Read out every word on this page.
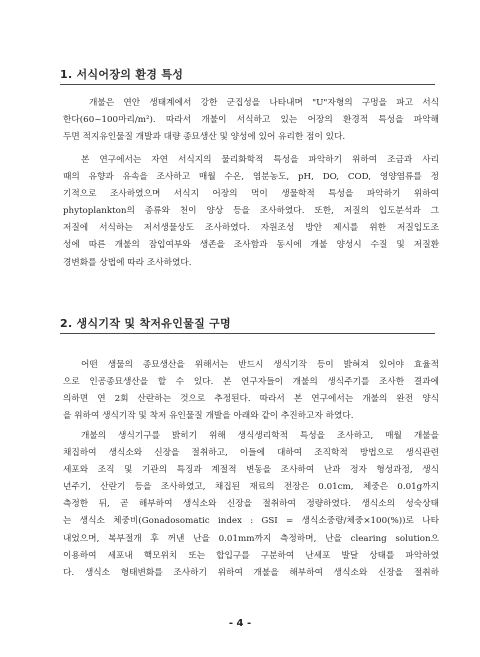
1. 서식어장의 환경 특성
개불은 연안 생태계에서 강한 군집성을 나타내며 "U"자형의 구멍을 파고 서식
한다(60~100마리/m²). 따라서 개불이 서식하고 있는 어장의 환경적 특성을 파악해
두면 적지유인물질 개발과 대량 종묘생산 및 양성에 있어 유리한 점이 있다.
본 연구에서는 자연 서식지의 물리화학적 특성을 파악하기 위하여 조금과 사리
때의 유향과 유속을 조사하고 매월 수온, 염분농도, pH, DO, COD, 영양염류를 정
기적으로 조사하였으며 서식지 어장의 먹이 생물학적 특성을 파악하기 위하여
phytoplankton의 종류와 천이 양상 등을 조사하였다. 또한, 저질의 입도분석과 그
저질에 서식하는 저서생물상도 조사하였다. 자원조성 방안 제시를 위한 저질입도조
성에 따른 개불의 잠입여부와 생존을 조사함과 동시에 개불 양성시 수질 및 저질환
경변화를 상법에 따라 조사하였다.
2. 생식기작 및 착저유인물질 구명
어떤 생물의 종묘생산을 위해서는 반드시 생식기작 등이 밝혀져 있어야 효율적
으로 인공종묘생산을 할 수 있다. 본 연구자들이 개불의 생식주기를 조사한 결과에
의하면 연 2회 산란하는 것으로 추정된다. 따라서 본 연구에서는 개불의 완전 양식
을 위하여 생식기작 및 착저 유인물질 개발을 아래와 같이 추진하고자 하였다.
개불의 생식기구를 밝히기 위해 생식생리학적 특성을 조사하고, 매월 개불을
채집하여 생식소와 신장을 절취하고, 이들에 대하여 조직학적 방법으로 생식관련
세포와 조직 및 기관의 특징과 계절적 변동을 조사하여 난과 정자 형성과정, 생식
년주기, 산란기 등을 조사하였고, 채집된 재료의 전장은 0.01cm, 체중은 0.01g까지
측정한 뒤, 곧 해부하여 생식소와 신장을 절취하여 정량하였다. 생식소의 성숙상태
는 생식소 체중비(Gonadosomatic index : GSI = 생식소중량/체중×100(%))로 나타
내었으며, 복부절개 후 꺼낸 난을 0.01mm까지 측정하며, 난을 clearing solution으
이용하여 세포내 핵모위치 또는 합입구를 구분하여 난세포 발달 상태를 파악하였
다. 생식소 형태변화를 조사하기 위하여 개불을 해부하여 생식소와 신장을 절취하
- 4 -
